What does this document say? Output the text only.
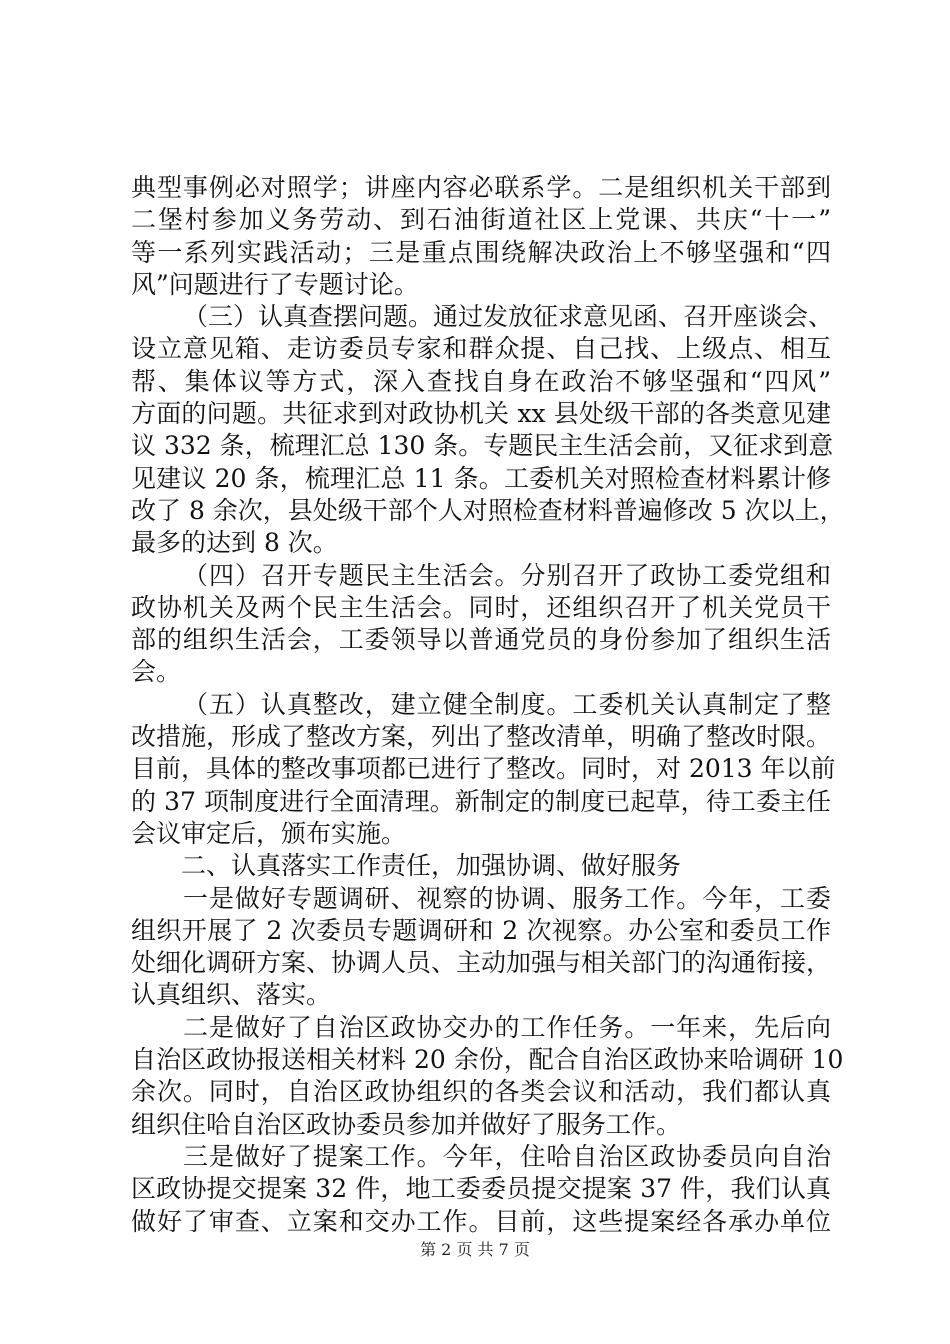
典型事例必对照学；讲座内容必联系学。二是组织机关干部到
二堡村参加义务劳动、到石油街道社区上党课、共庆“十一”
等一系列实践活动；三是重点围绕解决政治上不够坚强和“四
风”问题进行了专题讨论。
（三）认真查摆问题。通过发放征求意见函、召开座谈会、
设立意见箱、走访委员专家和群众提、自己找、上级点、相互
帮、集体议等方式，深入查找自身在政治不够坚强和“四风”
方面的问题。共征求到对政协机关 xx 县处级干部的各类意见建
议 332 条，梳理汇总 130 条。专题民主生活会前，又征求到意
见建议 20 条，梳理汇总 11 条。工委机关对照检查材料累计修
改了 8 余次，县处级干部个人对照检查材料普遍修改 5 次以上，
最多的达到 8 次。
（四）召开专题民主生活会。分别召开了政协工委党组和
政协机关及两个民主生活会。同时，还组织召开了机关党员干
部的组织生活会，工委领导以普通党员的身份参加了组织生活
会。
（五）认真整改，建立健全制度。工委机关认真制定了整
改措施，形成了整改方案，列出了整改清单，明确了整改时限。
目前，具体的整改事项都已进行了整改。同时，对 2013 年以前
的 37 项制度进行全面清理。新制定的制度已起草，待工委主任
会议审定后，颁布实施。
二、认真落实工作责任，加强协调、做好服务
一是做好专题调研、视察的协调、服务工作。今年，工委
组织开展了 2 次委员专题调研和 2 次视察。办公室和委员工作
处细化调研方案、协调人员、主动加强与相关部门的沟通衔接，
认真组织、落实。
二是做好了自治区政协交办的工作任务。一年来，先后向
自治区政协报送相关材料 20 余份，配合自治区政协来哈调研 10
余次。同时，自治区政协组织的各类会议和活动，我们都认真
组织住哈自治区政协委员参加并做好了服务工作。
三是做好了提案工作。今年，住哈自治区政协委员向自治
区政协提交提案 32 件，地工委委员提交提案 37 件，我们认真
做好了审查、立案和交办工作。目前，这些提案经各承办单位
第 2 页 共 7 页
